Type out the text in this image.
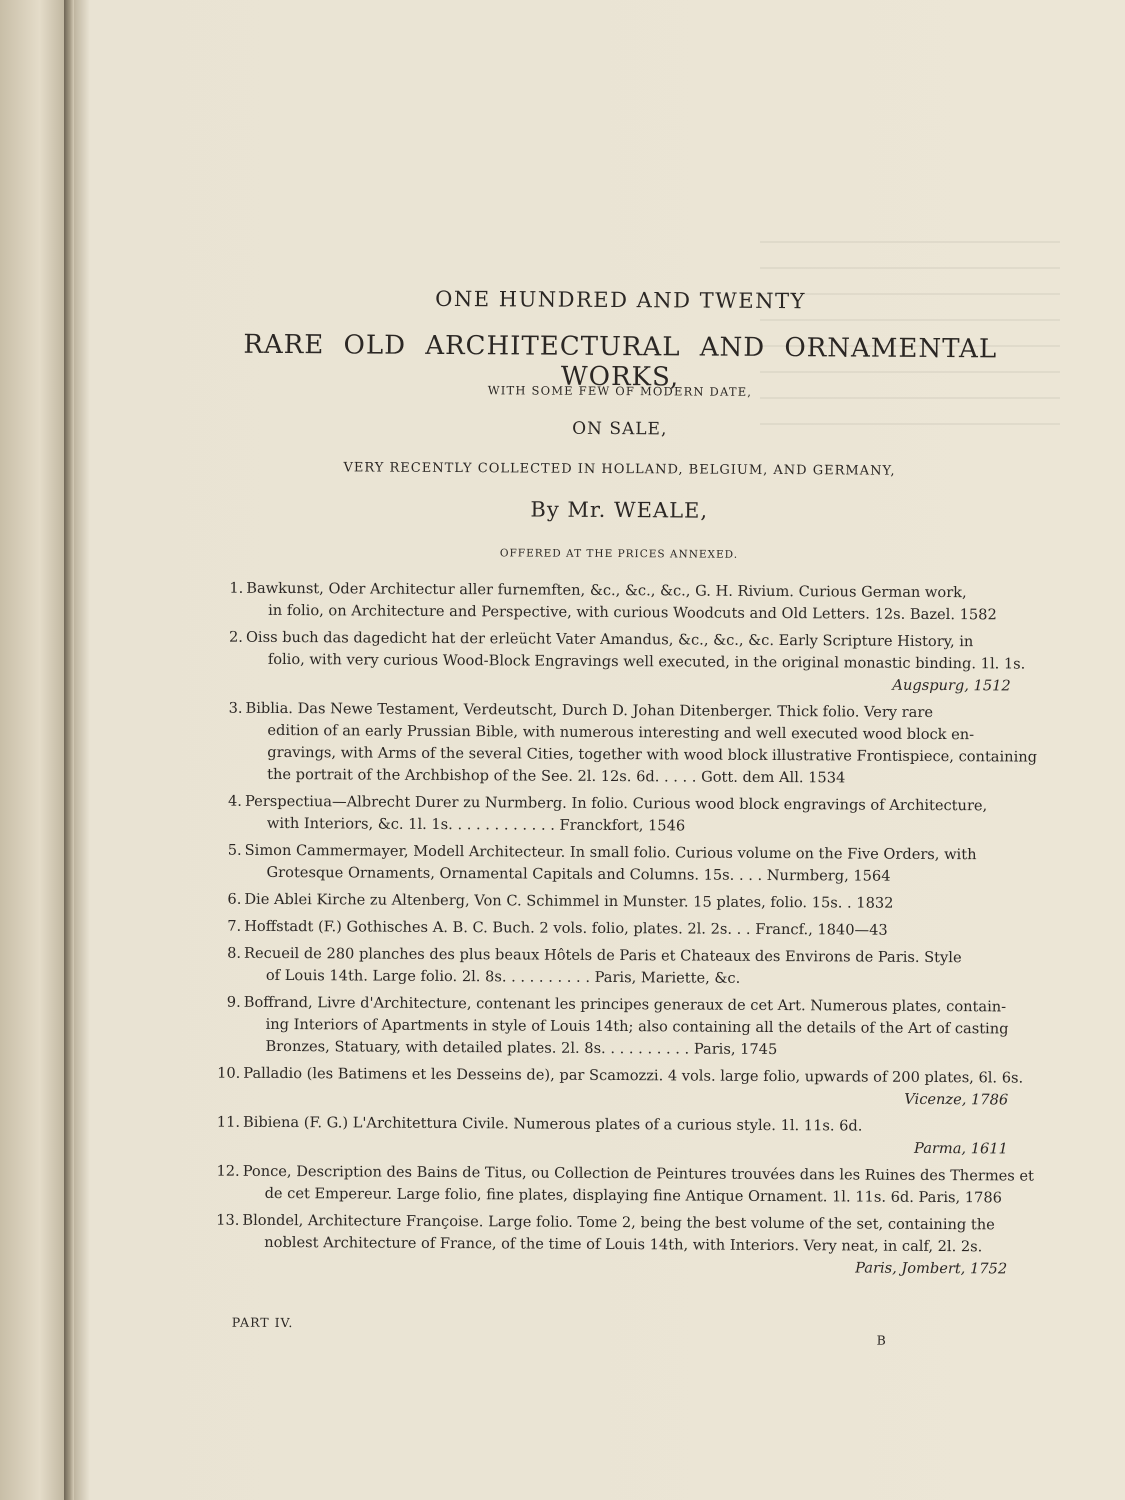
ONE HUNDRED AND TWENTY
RARE OLD ARCHITECTURAL AND ORNAMENTAL WORKS,
WITH SOME FEW OF MODERN DATE,
ON SALE,
VERY RECENTLY COLLECTED IN HOLLAND, BELGIUM, AND GERMANY,
By Mr. WEALE,
OFFERED AT THE PRICES ANNEXED.
1. Bawkunst, Oder Architectur aller furnemften, &c., &c., &c., G. H. Rivium. Curious German work,
in folio, on Architecture and Perspective, with curious Woodcuts and Old Letters. 12s. Bazel. 1582
2. Oiss buch das dagedicht hat der erleücht Vater Amandus, &c., &c., &c. Early Scripture History, in
folio, with very curious Wood-Block Engravings well executed, in the original monastic binding. 1l. 1s.
Augspurg, 1512
3. Biblia. Das Newe Testament, Verdeutscht, Durch D. Johan Ditenberger. Thick folio. Very rare
edition of an early Prussian Bible, with numerous interesting and well executed wood block en-
gravings, with Arms of the several Cities, together with wood block illustrative Frontispiece, containing
the portrait of the Archbishop of the See. 2l. 12s. 6d. . . . . Gott. dem All. 1534
4. Perspectiua—Albrecht Durer zu Nurmberg. In folio. Curious wood block engravings of Architecture,
with Interiors, &c. 1l. 1s. . . . . . . . . . . . Franckfort, 1546
5. Simon Cammermayer, Modell Architecteur. In small folio. Curious volume on the Five Orders, with
Grotesque Ornaments, Ornamental Capitals and Columns. 15s. . . . Nurmberg, 1564
6. Die Ablei Kirche zu Altenberg, Von C. Schimmel in Munster. 15 plates, folio. 15s. . 1832
7. Hoffstadt (F.) Gothisches A. B. C. Buch. 2 vols. folio, plates. 2l. 2s. . . Francf., 1840—43
8. Recueil de 280 planches des plus beaux Hôtels de Paris et Chateaux des Environs de Paris. Style
of Louis 14th. Large folio. 2l. 8s. . . . . . . . . . Paris, Mariette, &c.
9. Boffrand, Livre d'Architecture, contenant les principes generaux de cet Art. Numerous plates, contain-
ing Interiors of Apartments in style of Louis 14th; also containing all the details of the Art of casting
Bronzes, Statuary, with detailed plates. 2l. 8s. . . . . . . . . . Paris, 1745
10. Palladio (les Batimens et les Desseins de), par Scamozzi. 4 vols. large folio, upwards of 200 plates, 6l. 6s.
Vicenze, 1786
11. Bibiena (F. G.) L'Architettura Civile. Numerous plates of a curious style. 1l. 11s. 6d.
Parma, 1611
12. Ponce, Description des Bains de Titus, ou Collection de Peintures trouvées dans les Ruines des Thermes et
de cet Empereur. Large folio, fine plates, displaying fine Antique Ornament. 1l. 11s. 6d. Paris, 1786
13. Blondel, Architecture Françoise. Large folio. Tome 2, being the best volume of the set, containing the
noblest Architecture of France, of the time of Louis 14th, with Interiors. Very neat, in calf, 2l. 2s.
Paris, Jombert, 1752
PART IV.
B
